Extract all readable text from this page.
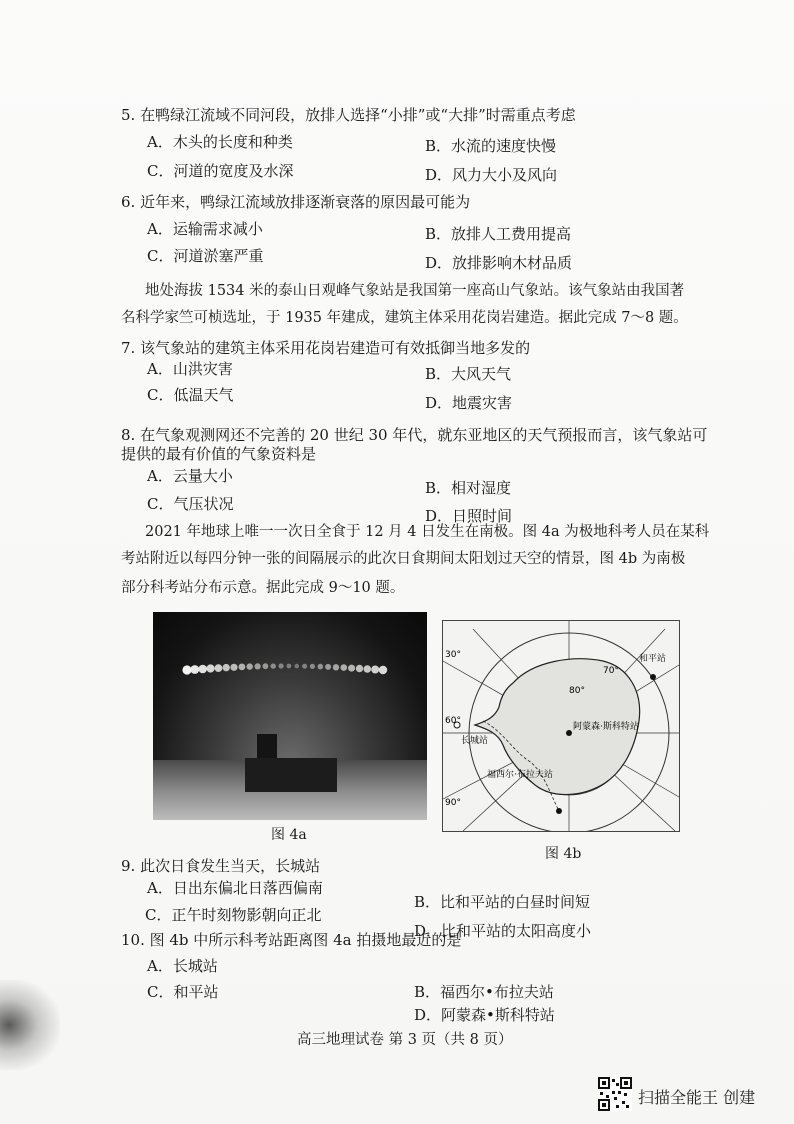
5. 在鸭绿江流域不同河段，放排人选择“小排”或“大排”时需重点考虑
A．木头的长度和种类	B．水流的速度快慢
C．河道的宽度及水深	D．风力大小及风向
6. 近年来，鸭绿江流域放排逐渐衰落的原因最可能为
A．运输需求减小	B．放排人工费用提高
C．河道淤塞严重	D．放排影响木材品质
地处海拔 1534 米的泰山日观峰气象站是我国第一座高山气象站。该气象站由我国著
名科学家竺可桢选址，于 1935 年建成，建筑主体采用花岗岩建造。据此完成 7～8 题。
7. 该气象站的建筑主体采用花岗岩建造可有效抵御当地多发的
A．山洪灾害	B．大风天气
C．低温天气	D．地震灾害
8. 在气象观测网还不完善的 20 世纪 30 年代，就东亚地区的天气预报而言，该气象站可
提供的最有价值的气象资料是
A．云量大小
B．相对湿度
C．气压状况
D．日照时间
2021 年地球上唯一一次日全食于 12 月 4 日发生在南极。图 4a 为极地科考人员在某科
考站附近以每四分钟一张的间隔展示的此次日食期间太阳划过天空的情景，图 4b 为南极
部分科考站分布示意。据此完成 9～10 题。
图 4a
30°
60°
90°
70°
80°
阿蒙森·斯科特站
和平站
长城站
福西尔·布拉夫站
图 4b
9. 此次日食发生当天，长城站
A．日出东偏北日落西偏南
B．比和平站的白昼时间短
C．正午时刻物影朝向正北
D．比和平站的太阳高度小
10. 图 4b 中所示科考站距离图 4a 拍摄地最近的是
A．长城站
B．福西尔•布拉夫站
C．和平站
D．阿蒙森•斯科特站
高三地理试卷 第 3 页（共 8 页）
扫描全能王 创建
